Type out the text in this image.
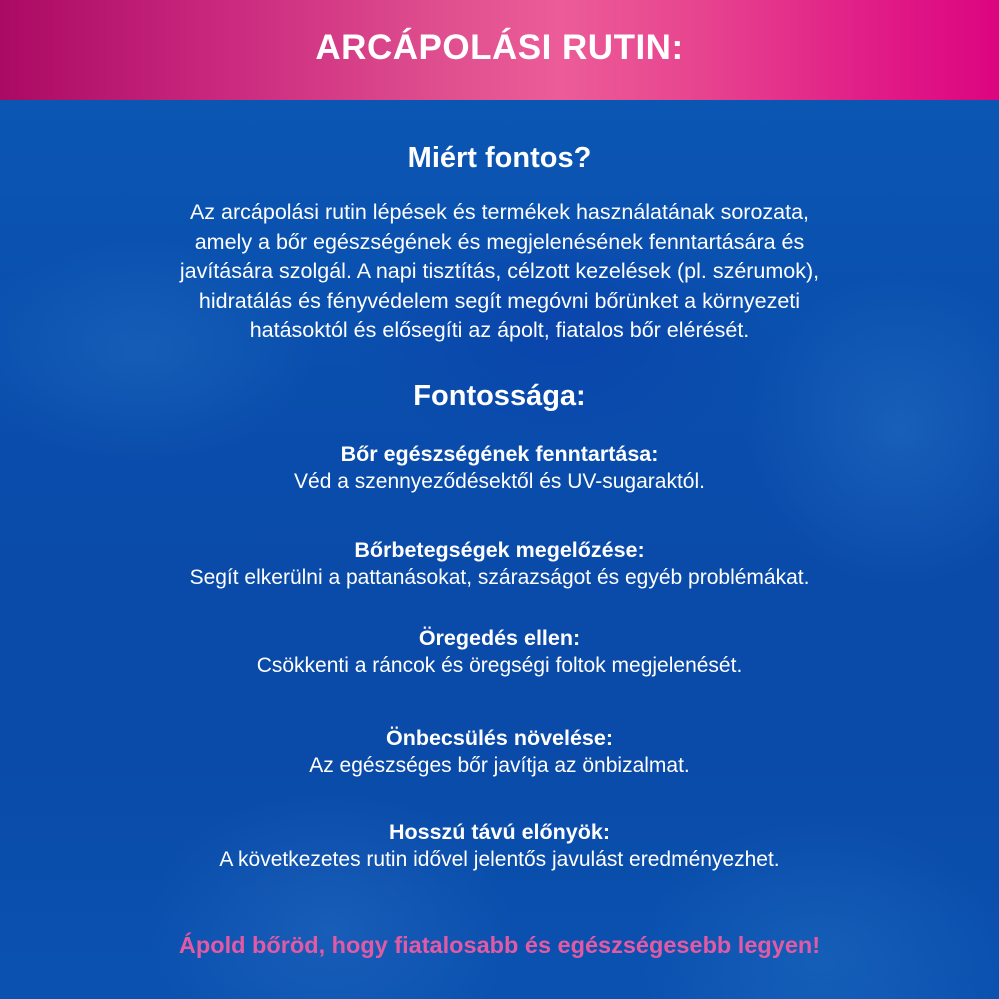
ARCÁPOLÁSI RUTIN:
Miért fontos?
Az arcápolási rutin lépések és termékek használatának sorozata,
amely a bőr egészségének és megjelenésének fenntartására és
javítására szolgál. A napi tisztítás, célzott kezelések (pl. szérumok),
hidratálás és fényvédelem segít megóvni bőrünket a környezeti
hatásoktól és elősegíti az ápolt, fiatalos bőr elérését.
Fontossága:
Bőr egészségének fenntartása:
Véd a szennyeződésektől és UV-sugaraktól.
Bőrbetegségek megelőzése:
Segít elkerülni a pattanásokat, szárazságot és egyéb problémákat.
Öregedés ellen:
Csökkenti a ráncok és öregségi foltok megjelenését.
Önbecsülés növelése:
Az egészséges bőr javítja az önbizalmat.
Hosszú távú előnyök:
A következetes rutin idővel jelentős javulást eredményezhet.
Ápold bőröd, hogy fiatalosabb és egészségesebb legyen!
